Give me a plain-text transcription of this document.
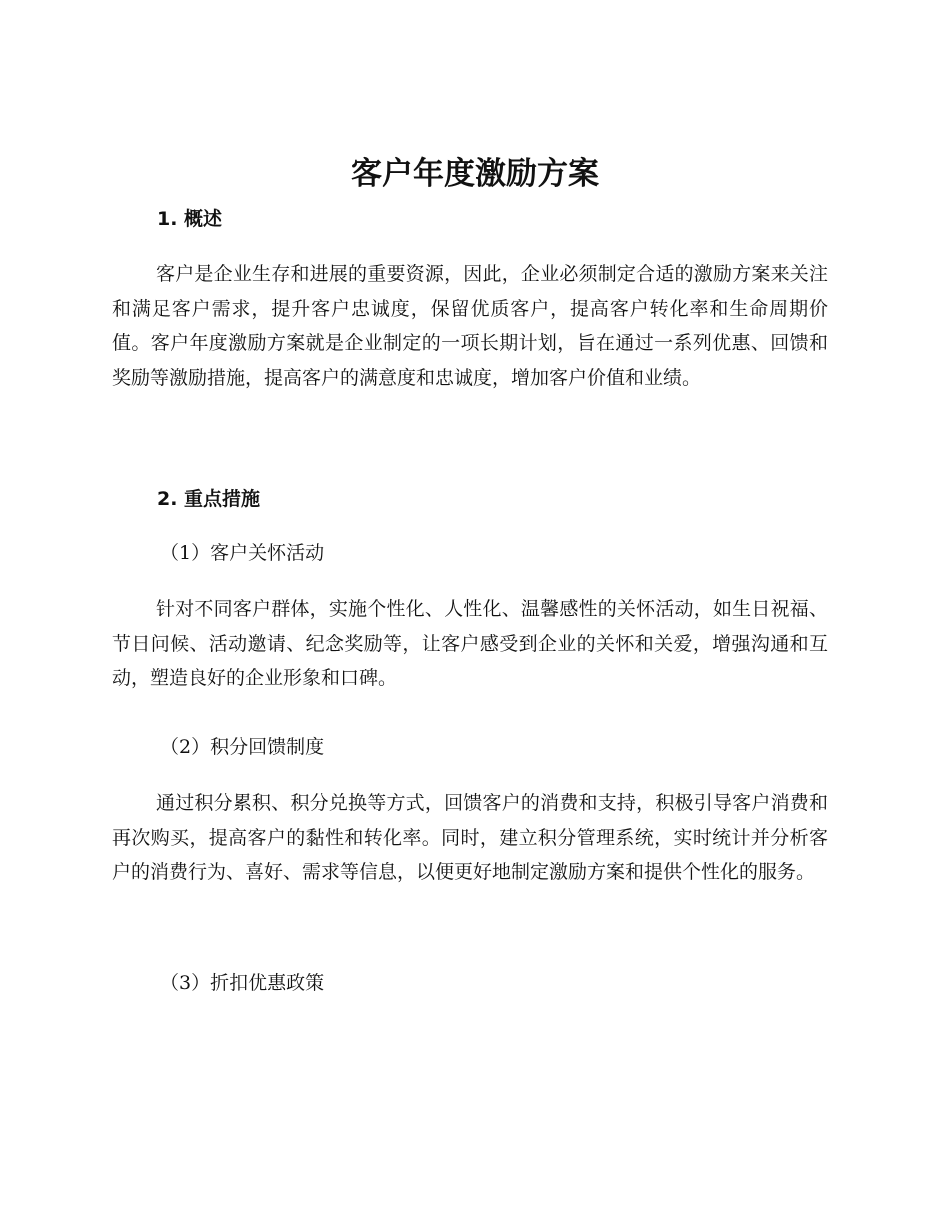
客户年度激励方案
1. 概述

客户是企业生存和进展的重要资源，因此，企业必须制定合适的激励方案来关注和满足客户需求，提升客户忠诚度，保留优质客户，提高客户转化率和生命周期价值。客户年度激励方案就是企业制定的一项长期计划，旨在通过一系列优惠、回馈和奖励等激励措施，提高客户的满意度和忠诚度，增加客户价值和业绩。

2. 重点措施
（1）客户关怀活动

针对不同客户群体，实施个性化、人性化、温馨感性的关怀活动，如生日祝福、节日问候、活动邀请、纪念奖励等，让客户感受到企业的关怀和关爱，增强沟通和互动，塑造良好的企业形象和口碑。

（2）积分回馈制度

通过积分累积、积分兑换等方式，回馈客户的消费和支持，积极引导客户消费和再次购买，提高客户的黏性和转化率。同时，建立积分管理系统，实时统计并分析客户的消费行为、喜好、需求等信息，以便更好地制定激励方案和提供个性化的服务。

（3）折扣优惠政策
